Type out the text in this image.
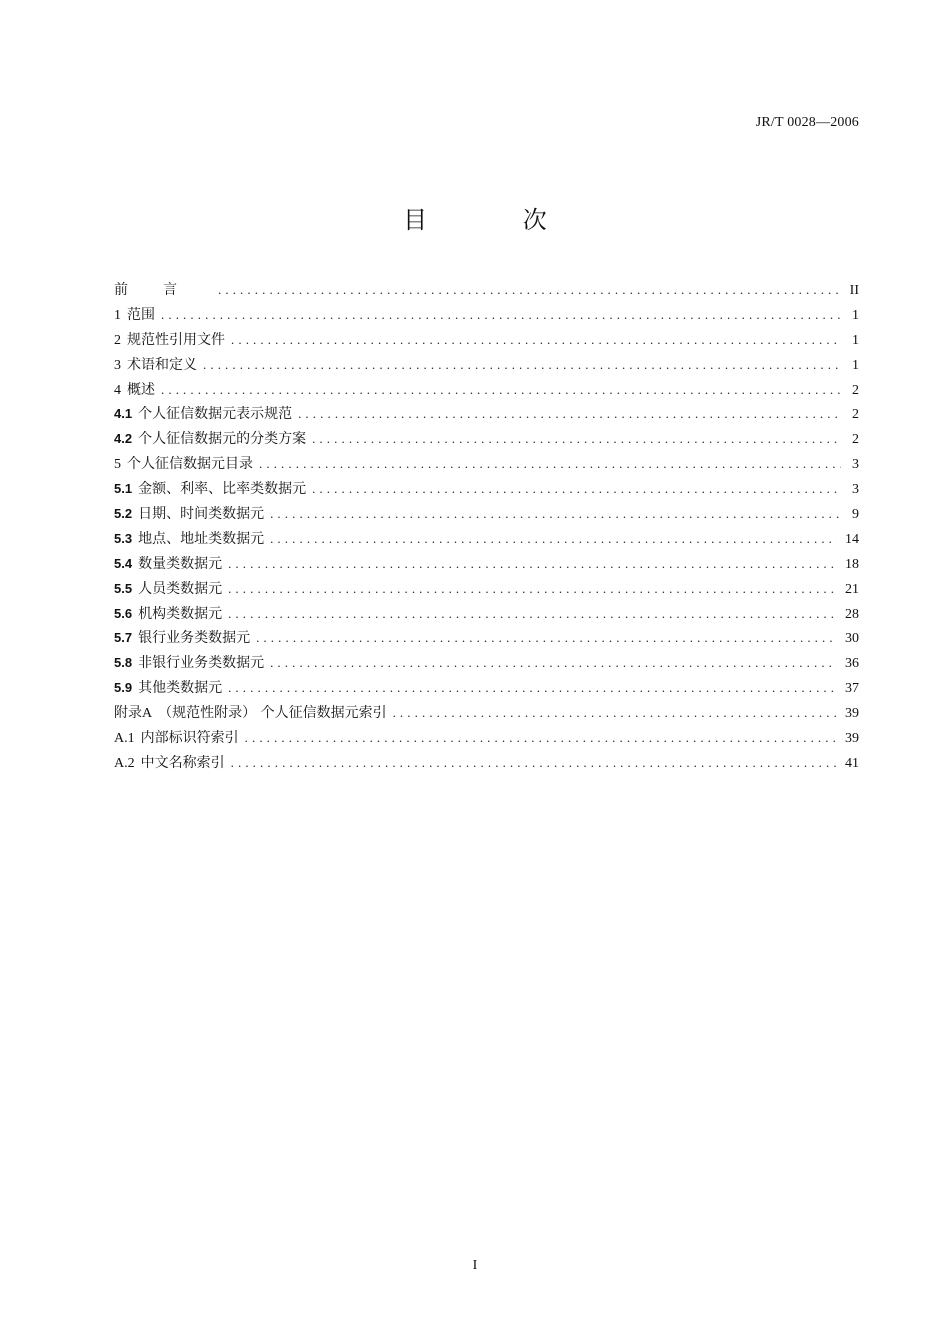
JR/T 0028—2006
目 次
前言 .....	II
1 范围 .....	1
2 规范性引用文件 .....	1
3 术语和定义 .....	1
4 概述 .....	2
4.1 个人征信数据元表示规范 .....	2
4.2 个人征信数据元的分类方案 .....	2
5 个人征信数据元目录 .....	3
5.1 金额、利率、比率类数据元 .....	3
5.2 日期、时间类数据元 .....	9
5.3 地点、地址类数据元 .....	14
5.4 数量类数据元 .....	18
5.5 人员类数据元 .....	21
5.6 机构类数据元 .....	28
5.7 银行业务类数据元 .....	30
5.8 非银行业务类数据元 .....	36
5.9 其他类数据元 .....	37
附录A （规范性附录） 个人征信数据元索引 .....	39
A.1 内部标识符索引 .....	39
A.2 中文名称索引 .....	41
I
